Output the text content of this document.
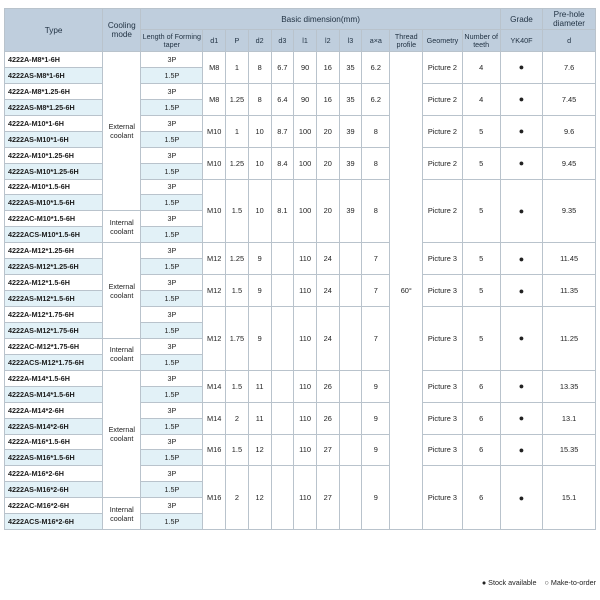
Type	Cooling mode	Basic dimension(mm)												Grade	Pre-hole diameter
		Length of Forming taper	d1	P	d2	d3	l1	l2	l3	a×a	Thread profile	Geometry	Number of teeth	YK40F	d
4222A-M8*1-6H	External coolant	3P	M8	1	8	6.7	90	16	35	6.2	60°	Picture 2	4	●	7.6
4222AS-M8*1-6H		1.5P													
4222A-M8*1.25-6H		3P	M8	1.25	8	6.4	90	16	35	6.2		Picture 2	4	●	7.45
4222AS-M8*1.25-6H		1.5P													
4222A-M10*1-6H		3P	M10	1	10	8.7	100	20	39	8		Picture 2	5	●	9.6
4222AS-M10*1-6H		1.5P													
4222A-M10*1.25-6H		3P	M10	1.25	10	8.4	100	20	39	8		Picture 2	5	●	9.45
4222AS-M10*1.25-6H		1.5P													
4222A-M10*1.5-6H		3P	M10	1.5	10	8.1	100	20	39	8		Picture 2	5	●	9.35
4222AS-M10*1.5-6H		1.5P													
4222AC-M10*1.5-6H	Internal coolant	3P													
4222ACS-M10*1.5-6H		1.5P													
4222A-M12*1.25-6H	External coolant	3P	M12	1.25	9		110	24		7		Picture 3	5	●	11.45
4222AS-M12*1.25-6H		1.5P													
4222A-M12*1.5-6H		3P	M12	1.5	9		110	24		7		Picture 3	5	●	11.35
4222AS-M12*1.5-6H		1.5P													
4222A-M12*1.75-6H		3P	M12	1.75	9		110	24		7		Picture 3	5	●	11.25
4222AS-M12*1.75-6H		1.5P													
4222AC-M12*1.75-6H	Internal coolant	3P													
4222ACS-M12*1.75-6H		1.5P													
4222A-M14*1.5-6H	External coolant	3P	M14	1.5	11		110	26		9		Picture 3	6	●	13.35
4222AS-M14*1.5-6H		1.5P													
4222A-M14*2-6H		3P	M14	2	11		110	26		9		Picture 3	6	●	13.1
4222AS-M14*2-6H		1.5P													
4222A-M16*1.5-6H		3P	M16	1.5	12		110	27		9		Picture 3	6	●	15.35
4222AS-M16*1.5-6H		1.5P													
4222A-M16*2-6H		3P	M16	2	12		110	27		9		Picture 3	6	●	15.1
4222AS-M16*2-6H		1.5P													
4222AC-M16*2-6H	Internal coolant	3P													
4222ACS-M16*2-6H		1.5P													
● Stock available ○ Make-to-order
